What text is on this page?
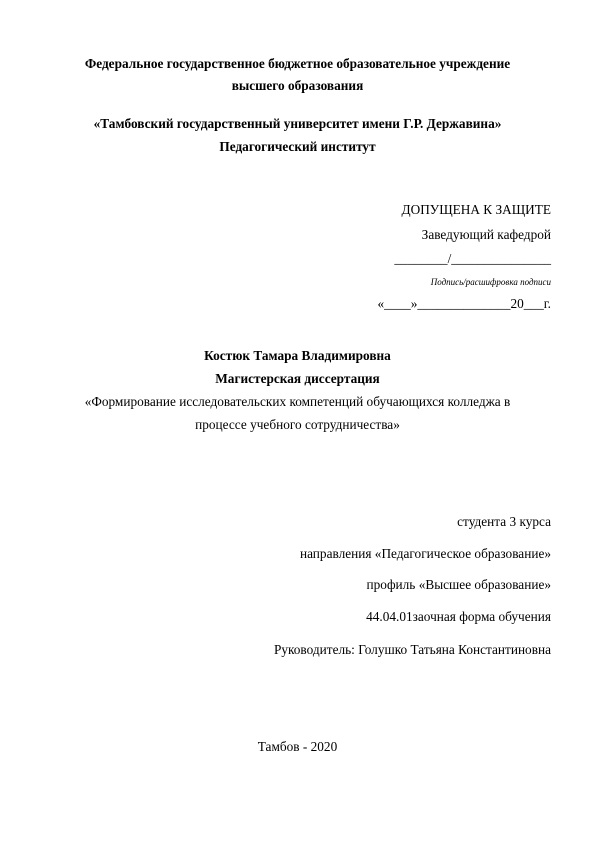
Федеральное государственное бюджетное образовательное учреждение
высшего образования
«Тамбовский государственный университет имени Г.Р. Державина»
Педагогический институт
ДОПУЩЕНА К ЗАЩИТЕ
Заведующий кафедрой
________/_______________
Подпись/расшифровка подписи
«____»______________20___г.
Костюк Тамара Владимировна
Магистерская диссертация
«Формирование исследовательских компетенций обучающихся колледжа в
процессе учебного сотрудничества»
студента 3 курса
направления «Педагогическое образование»
профиль «Высшее образование»
44.04.01заочная форма обучения
Руководитель: Голушко Татьяна Константиновна
Тамбов - 2020
